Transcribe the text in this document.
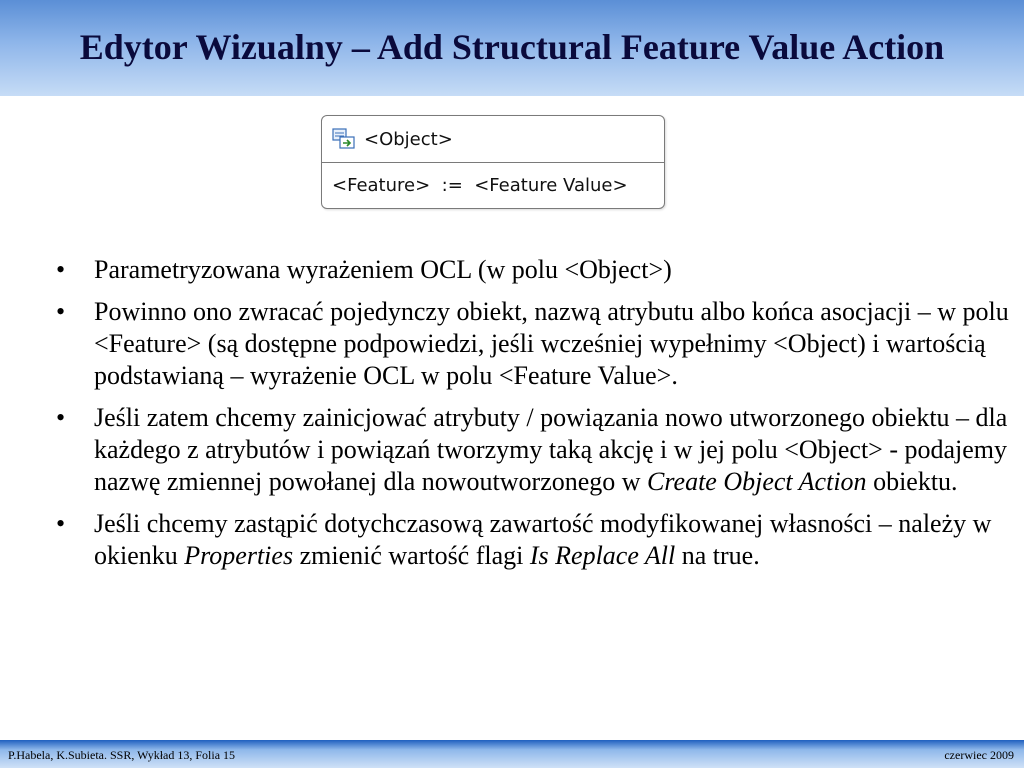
Edytor Wizualny – Add Structural Feature Value Action
<Object>
<Feature>  :=  <Feature Value>
• Parametryzowana wyrażeniem OCL (w polu <Object>)
• Powinno ono zwracać pojedynczy obiekt, nazwą atrybutu albo końca asocjacji – w polu <Feature> (są dostępne podpowiedzi, jeśli wcześniej wypełnimy <Object) i wartością podstawianą – wyrażenie OCL w polu <Feature Value>.
• Jeśli zatem chcemy zainicjować atrybuty / powiązania nowo utworzonego obiektu – dla każdego z atrybutów i powiązań tworzymy taką akcję i w jej polu <Object> - podajemy nazwę zmiennej powołanej dla nowoutworzonego w Create Object Action obiektu.
• Jeśli chcemy zastąpić dotychczasową zawartość modyfikowanej własności – należy w okienku Properties zmienić wartość flagi Is Replace All na true.
P.Habela, K.Subieta. SSR, Wykład 13, Folia 15	czerwiec 2009
